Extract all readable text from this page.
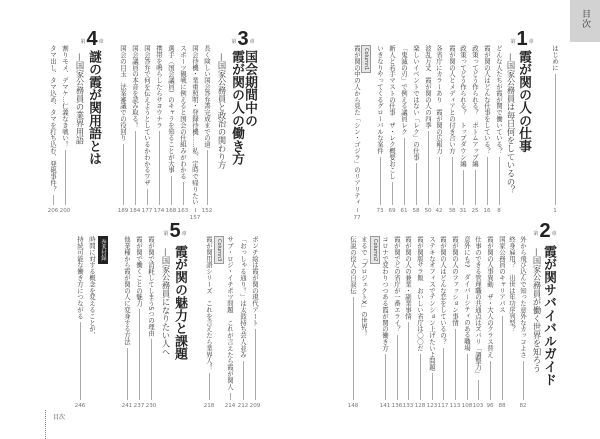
目次
はじめに
1
第 1 章
霞が関の人の仕事
—国家公務員は毎日何をしているの？
どんな人たちが霞が関で働いている？
8
霞が関の人はどんな仕事をしている？
16
政策ってどう作られる？　ボトムアップ編
25
政策ってどう作られる？　トップダウン編
31
霞が関の人とメディアとの付き合い方
38
各省庁にカラーあり　霞が関の広報力
42
波乱万丈　霞が関の人の四季
50
楽しいイベントではない「レク」の仕事
58
「鬼滅の刃」で例える議員レク
61
新人と若手マストの仕事　ザ・レク概要おこし
69
いきなりやってくるグローバルな案件
73
Column1
霞が関の中の人から見た「シン・ゴジラ」のリアリティ
77
第 2 章
霞が関サバイバルガイド
—国家公務員が働く世界を知ろう
外から飛び込んで知った意外なカッコよさ
82
終身雇用？　出世は年功序列型？
国家公務員のキャリアパス
88
霞が関の人事異動　ザ・大人のクラス替え
96
仕事のできる管理職の共通点はズバリ「調整力」
103
意外にも!?　ダイバーシティのある職場
108
霞が関の人のファッション事情
113
霞が関の人はどんな恋をしているの？
117
ステキなオフィスでテンション上げたいよ問題
123
霞が関版サラ飯　おいしい省庁は〇〇だ
128
霞が関の人の兼業・副業事情
133
霞が関でどの省庁が一番エライ？
136
コロナで変わりつつある霞が関の働き方
141
Column2
まるで「プロジェクトX」の世界！
伝説の役人の自叙伝
148
第 3 章
国会期間中の
霞が関の人の働き方
—国家公務員と政治の関わり方
長く険しい国会答弁書完成までの道
152
国会待機・業重照明・登録待機……私、定時で帰りたい
157
スポーツ観戦に例えると国会の仕組みがわかる
163
選手（国会議員）のキャラを知ることが大事
168
携帯を鳴らしたらサヨウナラ
174
国会答弁で何を伝えようとしているかわかるワザ
177
国会議員の本音を読み取る！
184
国会の目玉　法案審議での役回り
189
第 4 章
謎の霞が関用語とは
—国家公務員の業界用語
割りモメ、デマケ…仁義なき戦い！
200
タマ出し、タマ込め、タマを打ち込む、発砲事件？
206
ポンチ絵は霞が関の現代アート
209
「おっしゃる通り！」は太鼓持ち芸人並み
212
サブ・ロジ・イチポツ問題　これが言えたら霞が関人
214
Column3
霞が関用語シリーズ　これを言えたら業界人！
218
第 5 章
霞が関の魅力と課題
—国家公務員になりたい人へ
霞が関で消耗してしまう5つの理由
230
霞が関で働くことの魅力
237
他業種から霞が関の人に変身する方法
241
巻末付録
時間に対する概念を変えることが、
持続可能な働き方につながる
246
目次
